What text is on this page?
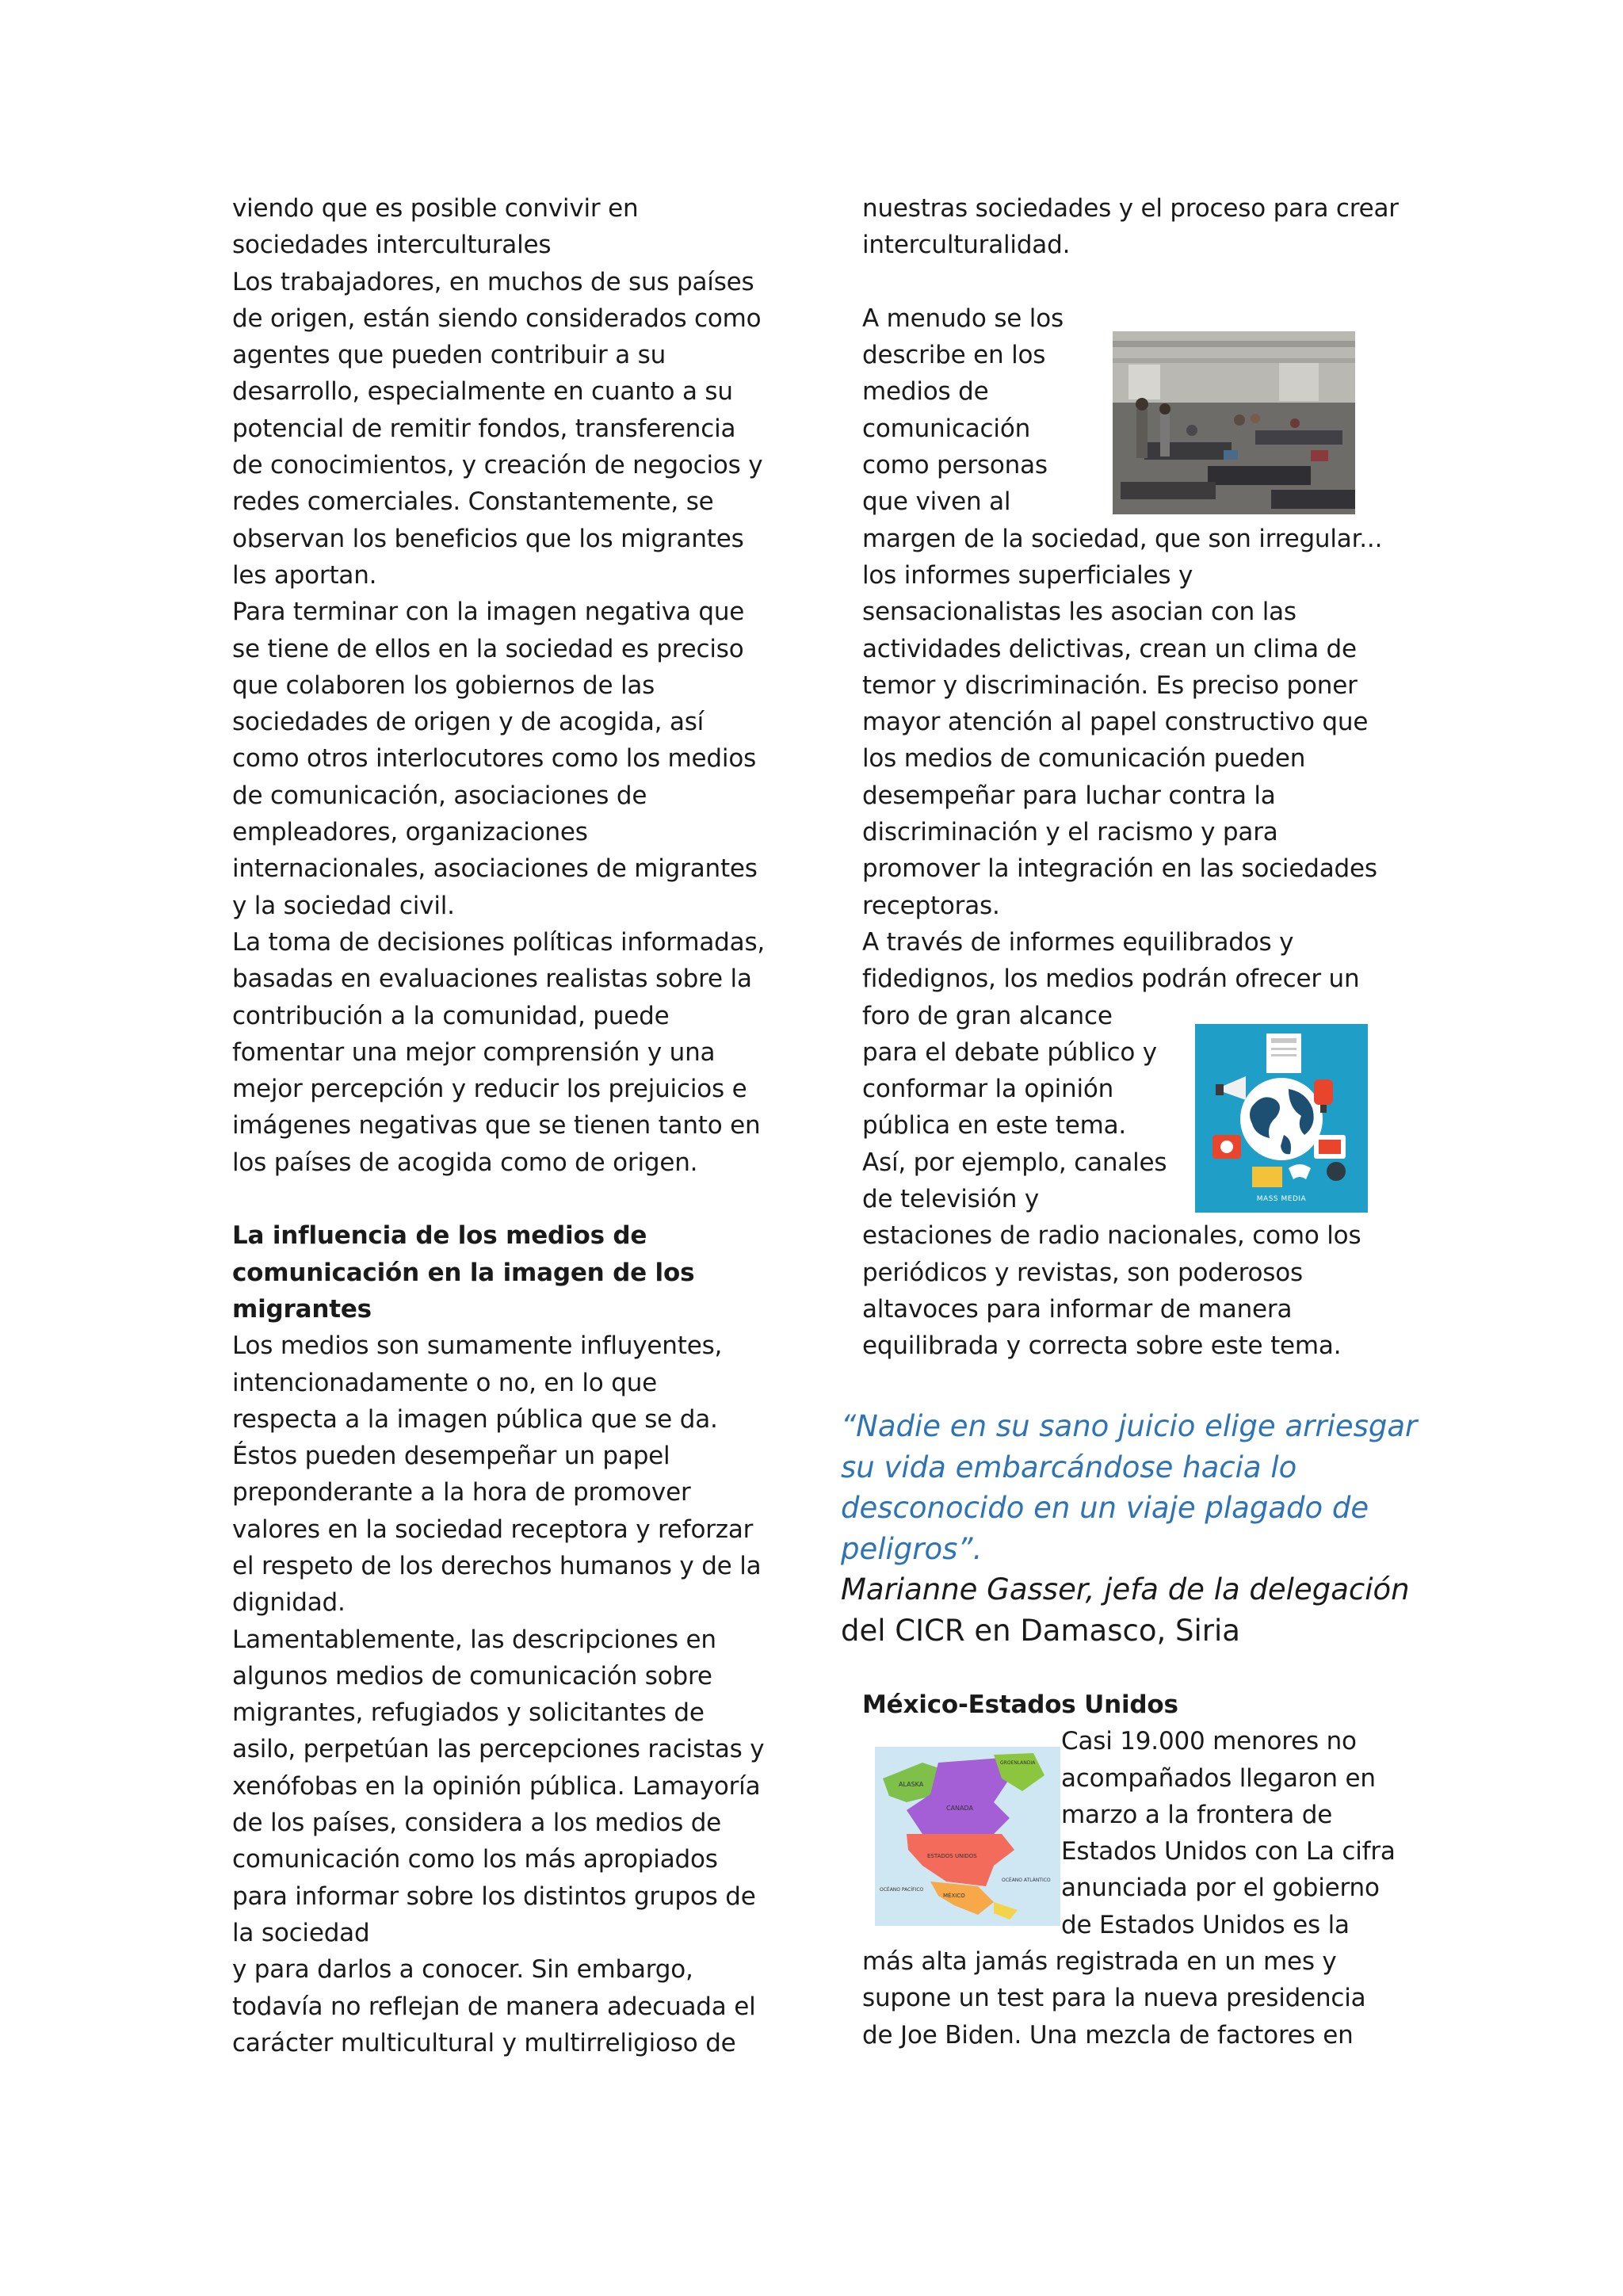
viendo que es posible convivir en
sociedades interculturales
Los trabajadores, en muchos de sus países
de origen, están siendo considerados como
agentes que pueden contribuir a su
desarrollo, especialmente en cuanto a su
potencial de remitir fondos, transferencia
de conocimientos, y creación de negocios y
redes comerciales. Constantemente, se
observan los beneficios que los migrantes
les aportan.
Para terminar con la imagen negativa que
se tiene de ellos en la sociedad es preciso
que colaboren los gobiernos de las
sociedades de origen y de acogida, así
como otros interlocutores como los medios
de comunicación, asociaciones de
empleadores, organizaciones
internacionales, asociaciones de migrantes
y la sociedad civil.
La toma de decisiones políticas informadas,
basadas en evaluaciones realistas sobre la
contribución a la comunidad, puede
fomentar una mejor comprensión y una
mejor percepción y reducir los prejuicios e
imágenes negativas que se tienen tanto en
los países de acogida como de origen.
La influencia de los medios de
comunicación en la imagen de los
migrantes
Los medios son sumamente influyentes,
intencionadamente o no, en lo que
respecta a la imagen pública que se da.
Éstos pueden desempeñar un papel
preponderante a la hora de promover
valores en la sociedad receptora y reforzar
el respeto de los derechos humanos y de la
dignidad.
Lamentablemente, las descripciones en
algunos medios de comunicación sobre
migrantes, refugiados y solicitantes de
asilo, perpetúan las percepciones racistas y
xenófobas en la opinión pública. Lamayoría
de los países, considera a los medios de
comunicación como los más apropiados
para informar sobre los distintos grupos de
la sociedad
y para darlos a conocer. Sin embargo,
todavía no reflejan de manera adecuada el
carácter multicultural y multirreligioso de
nuestras sociedades y el proceso para crear
interculturalidad.
A menudo se los
describe en los
medios de
comunicación
como personas
que viven al
margen de la sociedad, que son irregular...
los informes superficiales y
sensacionalistas les asocian con las
actividades delictivas, crean un clima de
temor y discriminación. Es preciso poner
mayor atención al papel constructivo que
los medios de comunicación pueden
desempeñar para luchar contra la
discriminación y el racismo y para
promover la integración en las sociedades
receptoras.
A través de informes equilibrados y
fidedignos, los medios podrán ofrecer un
foro de gran alcance
para el debate público y
conformar la opinión
pública en este tema.
Así, por ejemplo, canales
de televisión y
estaciones de radio nacionales, como los
periódicos y revistas, son poderosos
altavoces para informar de manera
equilibrada y correcta sobre este tema.
“Nadie en su sano juicio elige arriesgar
su vida embarcándose hacia lo
desconocido en un viaje plagado de
peligros”.
Marianne Gasser, jefa de la delegación
del CICR en Damasco, Siria
México-Estados Unidos
Casi 19.000 menores no
acompañados llegaron en
marzo a la frontera de
Estados Unidos con La cifra
anunciada por el gobierno
de Estados Unidos es la
más alta jamás registrada en un mes y
supone un test para la nueva presidencia
de Joe Biden. Una mezcla de factores en
MASS MEDIA
ALASKA
CANADA
ESTADOS UNIDOS
MÉXICO
OCÉANO ATLÁNTICO
OCÉANO PACÍFICO
GROENLANDIA
